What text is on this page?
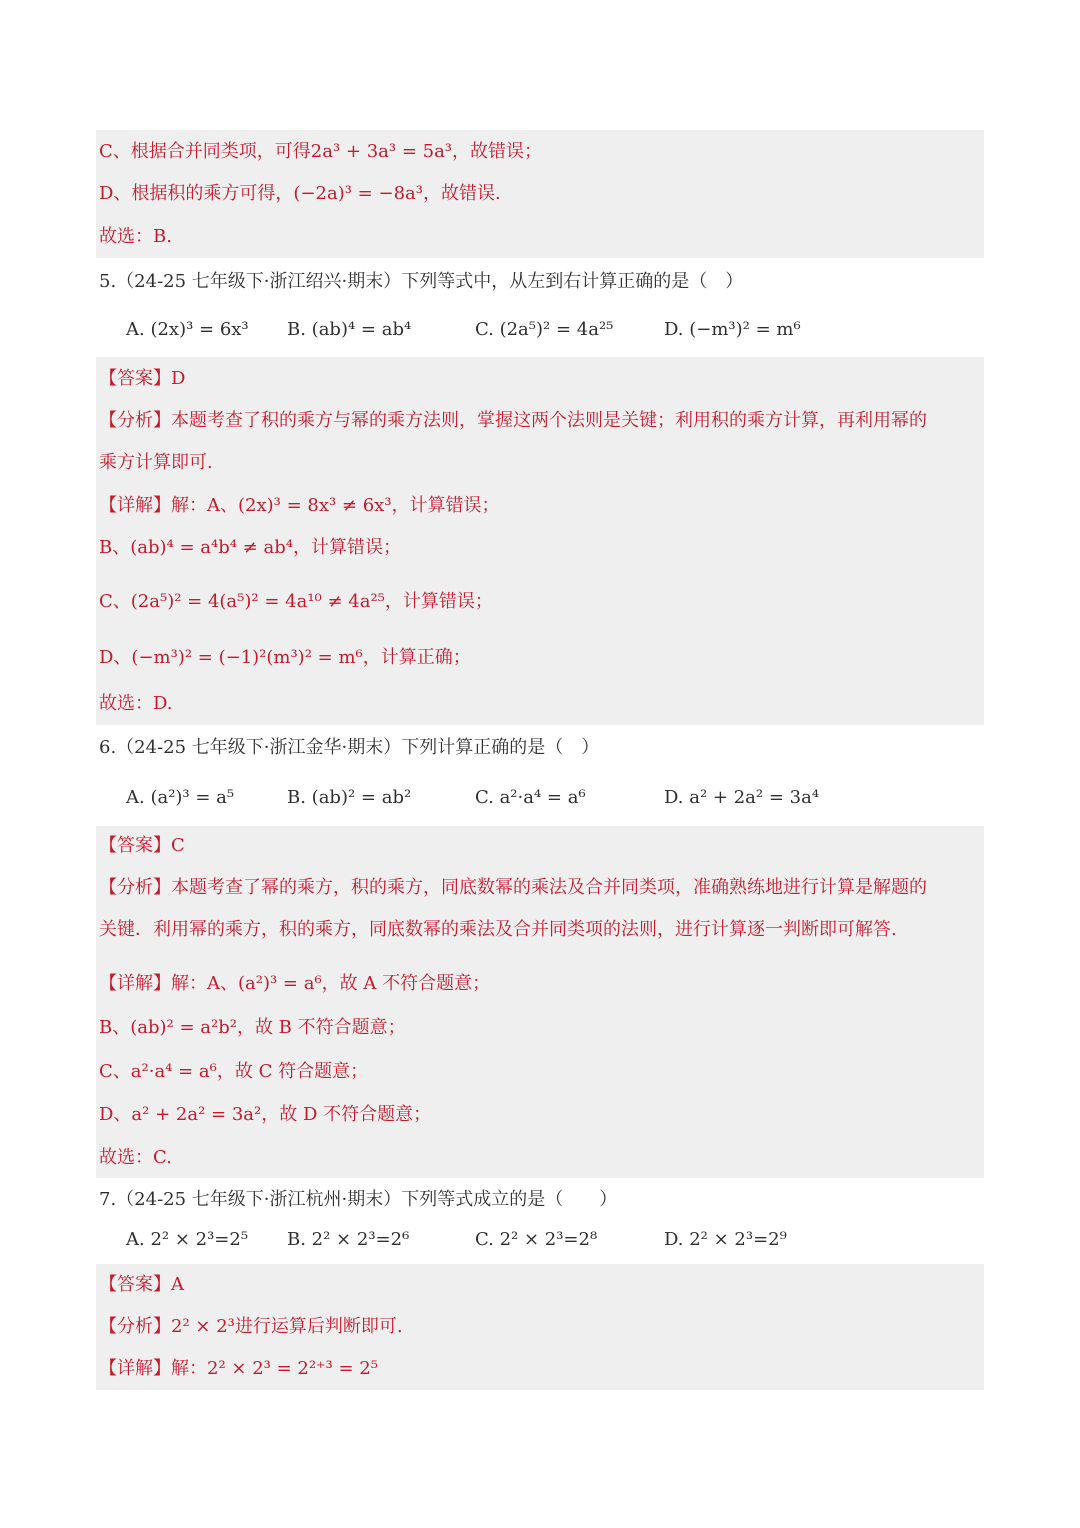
C、根据合并同类项，可得2a³ + 3a³ = 5a³，故错误；
D、根据积的乘方可得，(−2a)³ = −8a³，故错误.
故选：B.
5.（24-25 七年级下·浙江绍兴·期末）下列等式中，从左到右计算正确的是（　）
A. (2x)³ = 6x³ B. (ab)⁴ = ab⁴	C. (2a⁵)² = 4a²⁵	D. (−m³)² = m⁶
【答案】D
【分析】本题考查了积的乘方与幂的乘方法则，掌握这两个法则是关键；利用积的乘方计算，再利用幂的
乘方计算即可.
【详解】解：A、(2x)³ = 8x³ ≠ 6x³，计算错误；
B、(ab)⁴ = a⁴b⁴ ≠ ab⁴，计算错误；
C、(2a⁵)² = 4(a⁵)² = 4a¹⁰ ≠ 4a²⁵，计算错误；
D、(−m³)² = (−1)²(m³)² = m⁶，计算正确；
故选：D.
6.（24-25 七年级下·浙江金华·期末）下列计算正确的是（　）
A. (a²)³ = a⁵	B. (ab)² = ab²	C. a²·a⁴ = a⁶	D. a² + 2a² = 3a⁴
【答案】C
【分析】本题考查了幂的乘方，积的乘方，同底数幂的乘法及合并同类项，准确熟练地进行计算是解题的
关键．利用幂的乘方，积的乘方，同底数幂的乘法及合并同类项的法则，进行计算逐一判断即可解答.
【详解】解：A、(a²)³ = a⁶，故 A 不符合题意；
B、(ab)² = a²b²，故 B 不符合题意；
C、a²·a⁴ = a⁶，故 C 符合题意；
D、a² + 2a² = 3a²，故 D 不符合题意；
故选：C.
7.（24-25 七年级下·浙江杭州·期末）下列等式成立的是（　　）
A. 2² × 2³=2⁵ B. 2² × 2³=2⁶	C. 2² × 2³=2⁸	D. 2² × 2³=2⁹
【答案】A
【分析】2² × 2³进行运算后判断即可.
【详解】解：2² × 2³ = 2²⁺³ = 2⁵
